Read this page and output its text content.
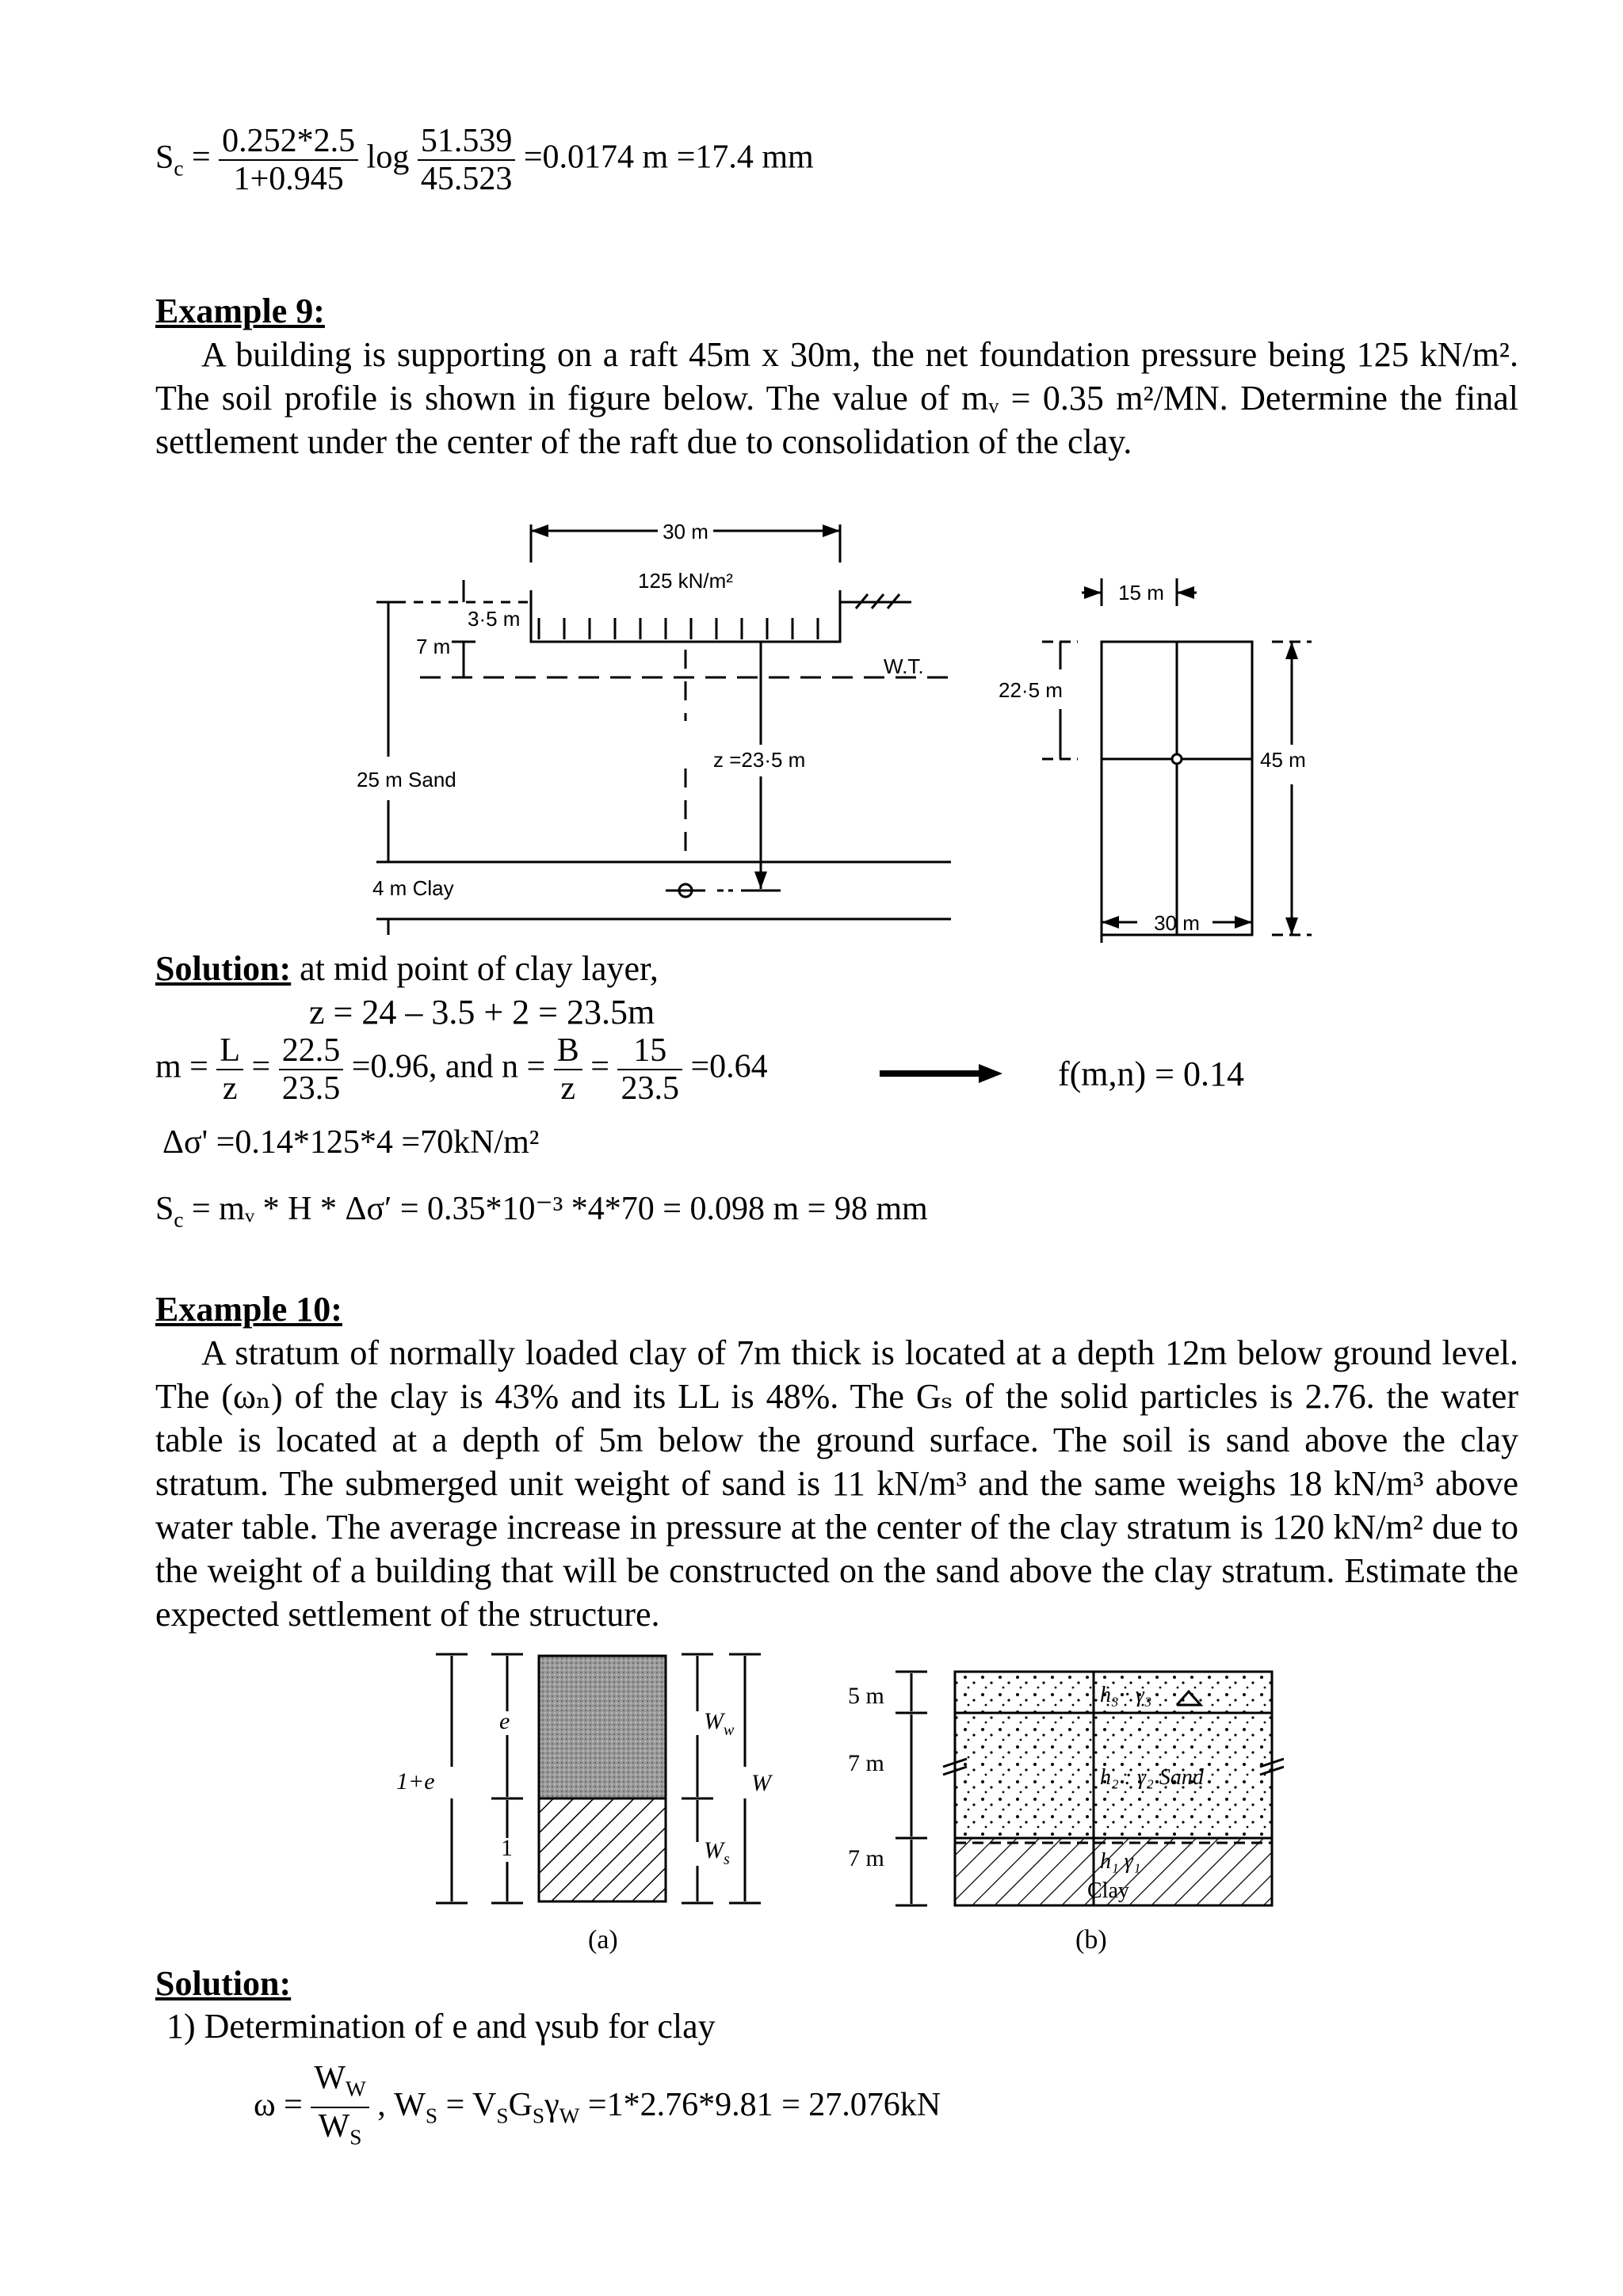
$S_c = \frac{0.252*2.5}{1+0.945}$ $\log \frac{51.539}{45.523} =0.0174$ m =17.4 mm
Example 9:

A building is supporting on a raft 45m x 30m, the net foundation pressure being 125 kN/m². The soil profile is shown in figure below. The value of mᵥ = 0.35 m²/MN. Determine the final settlement under the center of the raft due to consolidation of the clay.

30 m
125 kN/m²
3·5 m
7 m
W.T.
25 m Sand
z =23·5 m
4 m Clay
15 m
22·5 m
45 m
30 m
Solution: at mid point of clay layer,
z = 24 – 3.5 + 2 = 23.5m
$m = \frac{L}{z} = \frac{22.5}{23.5} =0.96$, and $n = \frac{B}{z} = \frac{15}{23.5} =0.64$	f(m,n) = 0.14
Δσ' =0.14*125*4 =70kN/m²
$S_c$ = mᵥ * H * Δσ′ = 0.35*10⁻³ *4*70 = 0.098 m = 98 mm
Example 10:

A stratum of normally loaded clay of 7m thick is located at a depth 12m below ground level. The (ωₙ) of the clay is 43% and its LL is 48%. The Gₛ of the solid particles is 2.76. the water table is located at a depth of 5m below the ground surface. The soil is sand above the clay stratum. The submerged unit weight of sand is 11 kN/m³ and the same weighs 18 kN/m³ above water table. The average increase in pressure at the center of the clay stratum is 120 kN/m² due to the weight of a building that will be constructed on the sand above the clay stratum. Estimate the expected settlement of the structure.

1+e
e
1
$W_w$
W
$W_s$
(a)
5 m
7 m
7 m
h₃ · γ₃
h₂ : γ₂ Sand
h₁ γ₁
Clay
(b)
Solution:
1) Determination of e and γsub for clay
$\omega = \frac{W_W}{W_S}$ , $W_S = V_SG_S\gamma_W =1*2.76*9.81 = 27.076kN$
